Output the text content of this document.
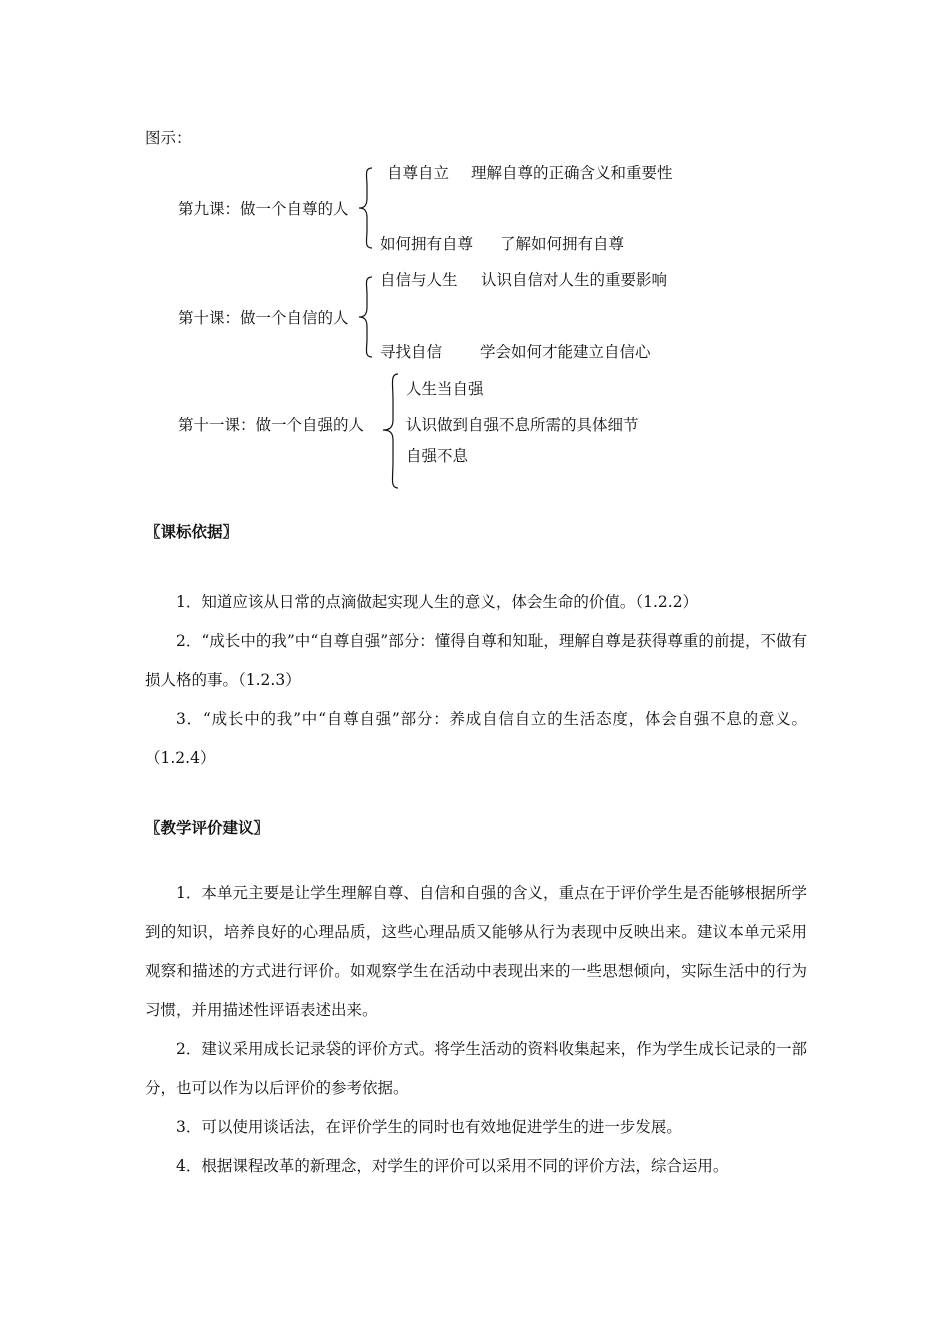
图示：
第九课：做一个自尊的人
自尊自立 理解自尊的正确含义和重要性
如何拥有自尊 了解如何拥有自尊
第十课：做一个自信的人
自信与人生 认识自信对人生的重要影响
寻找自信 学会如何才能建立自信心
第十一课：做一个自强的人
人生当自强
认识做到自强不息所需的具体细节
自强不息
〖课标依据〗
1．知道应该从日常的点滴做起实现人生的意义，体会生命的价值。（1.2.2）
2．“成长中的我”中“自尊自强”部分：懂得自尊和知耻，理解自尊是获得尊重的前提，不做有损人格的事。（1.2.3）
3．“成长中的我”中“自尊自强”部分：养成自信自立的生活态度，体会自强不息的意义。（1.2.4）
〖教学评价建议〗
1．本单元主要是让学生理解自尊、自信和自强的含义，重点在于评价学生是否能够根据所学到的知识，培养良好的心理品质，这些心理品质又能够从行为表现中反映出来。建议本单元采用观察和描述的方式进行评价。如观察学生在活动中表现出来的一些思想倾向，实际生活中的行为习惯，并用描述性评语表述出来。
2．建议采用成长记录袋的评价方式。将学生活动的资料收集起来，作为学生成长记录的一部分，也可以作为以后评价的参考依据。
3．可以使用谈话法，在评价学生的同时也有效地促进学生的进一步发展。
4．根据课程改革的新理念，对学生的评价可以采用不同的评价方法，综合运用。
